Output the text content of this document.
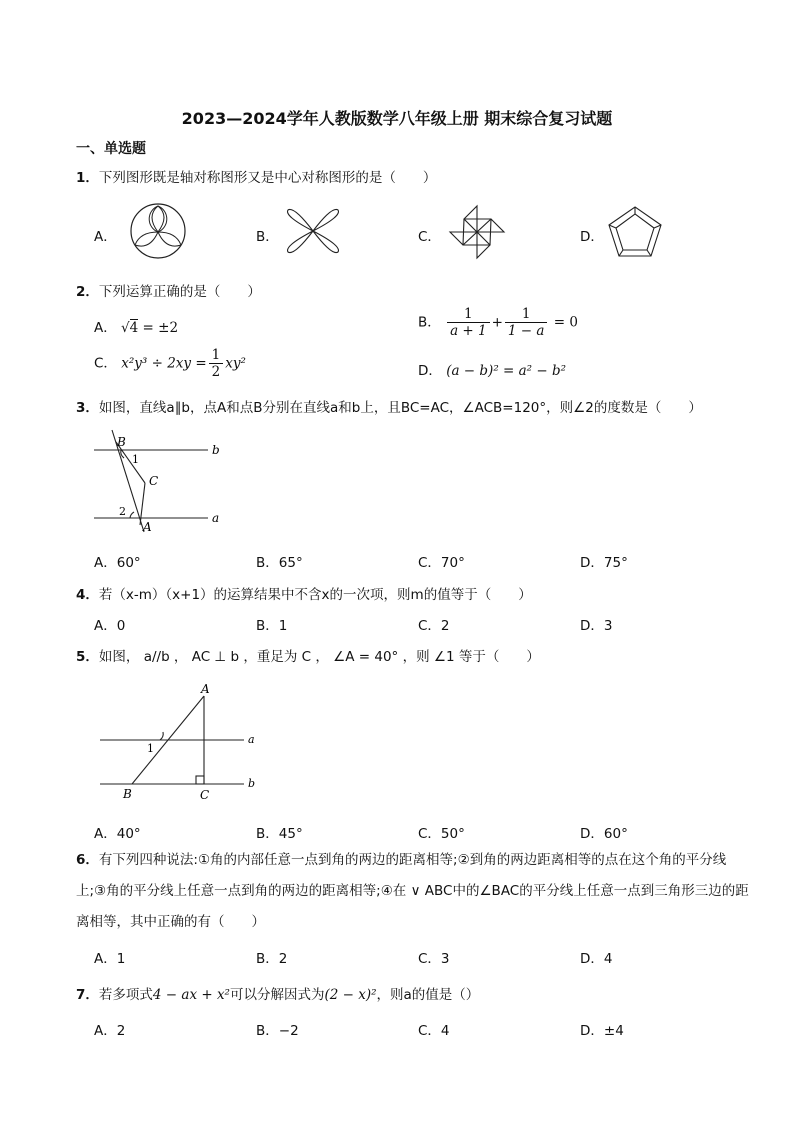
2023—2024学年人教版数学八年级上册 期末综合复习试题
一、单选题
1．下列图形既是轴对称图形又是中心对称图形的是（　　）
A．	B．	C．	D．
2．下列运算正确的是（　　）
A． √4 = ±2	B． $\frac{1}{a + 1} + \frac{1}{1 - a} = 0$
C． $x^2y^3 \div 2xy = \frac{1}{2} xy^2$	D． (a − b)² = a² − b²
3．如图，直线a∥b，点A和点B分别在直线a和b上，且BC=AC，∠ACB=120°，则∠2的度数是（　　）
B
1
C
2
A
a
b
A．60°	B．65°	C．70°	D．75°
4．若（x-m）（x+1）的运算结果中不含x的一次项，则m的值等于（　　）
A．0	B．1	C．2	D．3
5．如图， a//b ， AC ⊥ b ，重足为 C ， ∠A = 40° ，则 ∠1 等于（　　）
A
1
a
b
B	C
A．40°	B．45°	C．50°	D．60°
6．有下列四种说法:①角的内部任意一点到角的两边的距离相等;②到角的两边距离相等的点在这个角的平分线上;③角的平分线上任意一点到角的两边的距离相等;④在 ∨ ABC中的∠BAC的平分线上任意一点到三角形三边的距离相等，其中正确的有（　　）
A．1	B．2	C．3	D．4
7．若多项式4 − ax + x²可以分解因式为(2 − x)²，则a的值是（）
A．2	B．−2	C．4	D．±4
